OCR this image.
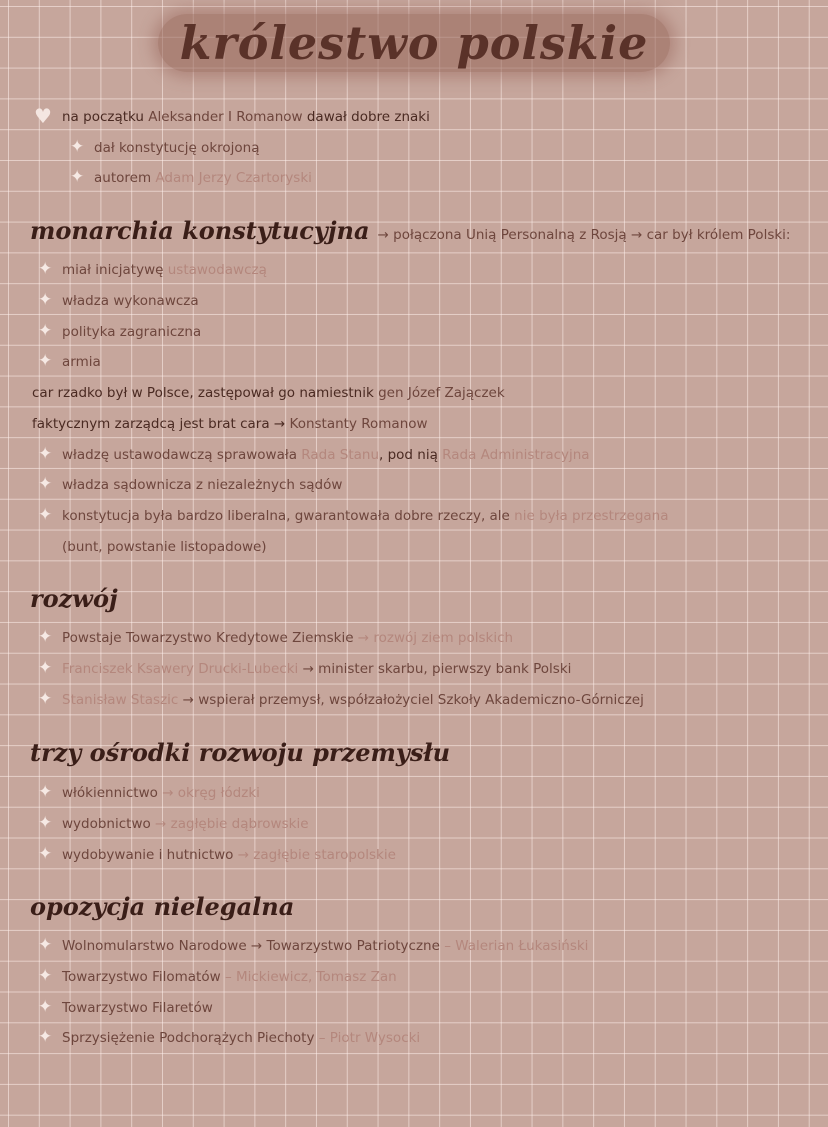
królestwo polskie
♥ na początku Aleksander I Romanow dawał dobre znaki
✦ dał konstytucję okrojoną
✦ autorem Adam Jerzy Czartoryski
monarchia konstytucyjna → połączona Unią Personalną z Rosją → car był królem Polski:
✦ miał inicjatywę ustawodawczą
✦ władza wykonawcza
✦ polityka zagraniczna
✦ armia
car rzadko był w Polsce, zastępował go namiestnik gen Józef Zajączek
faktycznym zarządcą jest brat cara → Konstanty Romanow
✦ władzę ustawodawczą sprawowała Rada Stanu, pod nią Rada Administracyjna
✦ władza sądownicza z niezależnych sądów
✦ konstytucja była bardzo liberalna, gwarantowała dobre rzeczy, ale nie była przestrzegana
(bunt, powstanie listopadowe)
rozwój
✦ Powstaje Towarzystwo Kredytowe Ziemskie → rozwój ziem polskich
✦ Franciszek Ksawery Drucki-Lubecki → minister skarbu, pierwszy bank Polski
✦ Stanisław Staszic → wspierał przemysł, współzałożyciel Szkoły Akademiczno-Górniczej
trzy ośrodki rozwoju przemysłu
✦ włókiennictwo → okręg łódzki
✦ wydobnictwo → zagłębie dąbrowskie
✦ wydobywanie i hutnictwo → zagłębie staropolskie
opozycja nielegalna
✦ Wolnomularstwo Narodowe → Towarzystwo Patriotyczne – Walerian Łukasiński
✦ Towarzystwo Filomatów – Mickiewicz, Tomasz Zan
✦ Towarzystwo Filaretów
✦ Sprzysiężenie Podchorążych Piechoty – Piotr Wysocki
